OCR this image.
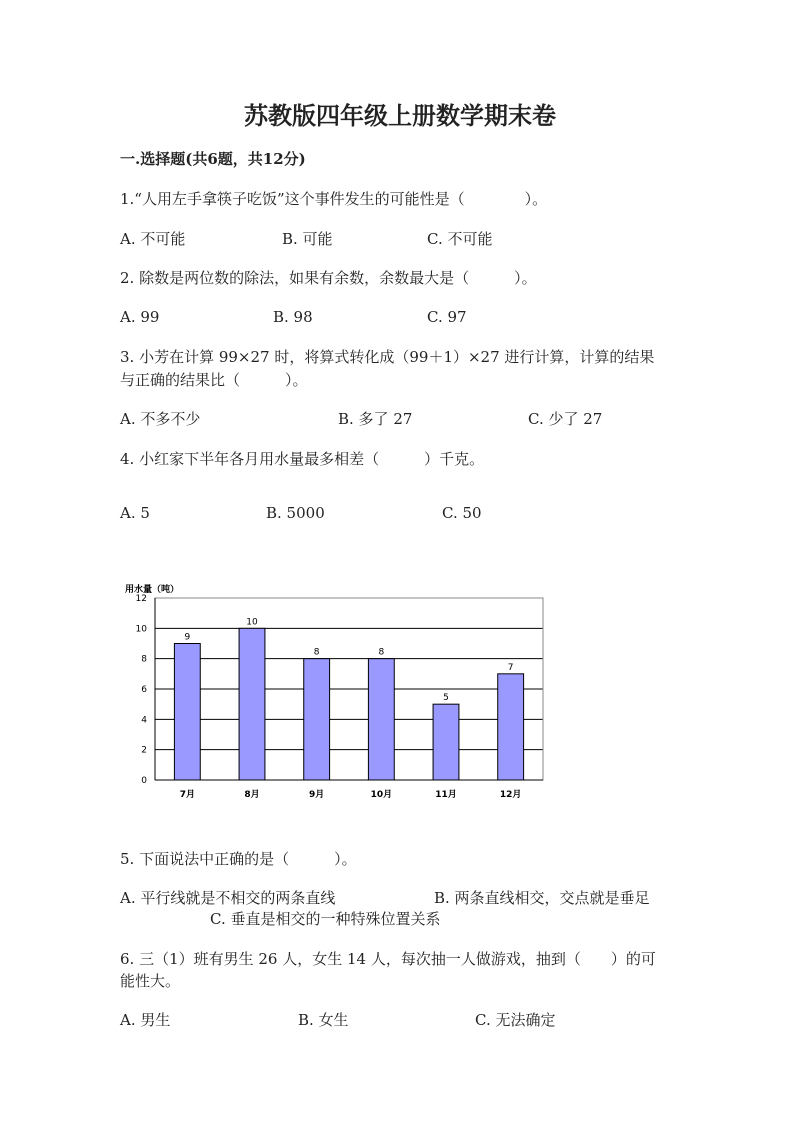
苏教版四年级上册数学期末卷
一.选择题(共6题，共12分)
1.“人用左手拿筷子吃饭”这个事件发生的可能性是（　　　　）。
A. 不可能	B. 可能	C. 不可能
2. 除数是两位数的除法，如果有余数，余数最大是（　　　）。
A. 99	B. 98	C. 97
3. 小芳在计算 99×27 时，将算式转化成（99＋1）×27 进行计算，计算的结果
与正确的结果比（　　　）。
A. 不多不少	B. 多了 27	C. 少了 27
4. 小红家下半年各月用水量最多相差（　　　）千克。
A. 5	B. 5000	C. 50
用水量（吨）
0
2
4
6
8
10
12
9
7月
10
8月
8
9月
8
10月
5
11月
7
12月
5. 下面说法中正确的是（　　　）。
A. 平行线就是不相交的两条直线	B. 两条直线相交，交点就是垂足
C. 垂直是相交的一种特殊位置关系
6. 三（1）班有男生 26 人，女生 14 人，每次抽一人做游戏，抽到（　　）的可
能性大。
A. 男生	B. 女生	C. 无法确定
